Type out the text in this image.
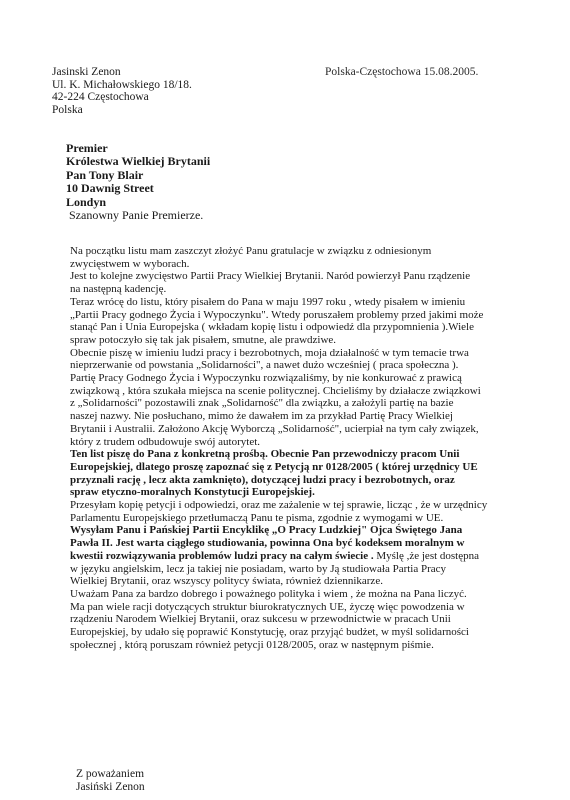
Jasinski Zenon
Ul. K. Michałowskiego 18/18.
42-224 Częstochowa
Polska
Polska-Częstochowa 15.08.2005.
Premier
Królestwa Wielkiej Brytanii
Pan Tony Blair
10 Dawnig Street
Londyn
Szanowny Panie Premierze.
Na początku listu mam zaszczyt złożyć Panu gratulacje w związku z odniesionym
zwycięstwem w wyborach.
Jest to kolejne zwycięstwo Partii Pracy Wielkiej Brytanii. Naród powierzył Panu rządzenie
na następną kadencję.
Teraz wrócę do listu, który pisałem do Pana w maju 1997 roku , wtedy pisałem w imieniu
„Partii Pracy godnego Życia i Wypoczynku". Wtedy poruszałem problemy przed jakimi może
stanąć Pan i Unia Europejska ( wkładam kopię listu i odpowiedź dla przypomnienia ).Wiele
spraw potoczyło się tak jak pisałem, smutne, ale prawdziwe.
Obecnie piszę w imieniu ludzi pracy i bezrobotnych, moja działalność w tym temacie trwa
nieprzerwanie od powstania „Solidarności", a nawet dużo wcześniej ( praca społeczna ).
Partię Pracy Godnego Życia i Wypoczynku rozwiązaliśmy, by nie konkurować z prawicą
związkową , która szukała miejsca na scenie politycznej. Chcieliśmy by działacze związkowi
z „Solidarności" pozostawili znak „Solidarność" dla związku, a założyli partię na bazie
naszej nazwy. Nie posłuchano, mimo że dawałem im za przykład Partię Pracy Wielkiej
Brytanii i Australii. Założono Akcję Wyborczą „Solidarność", ucierpiał na tym cały związek,
który z trudem odbudowuje swój autorytet.
Ten list piszę do Pana z konkretną prośbą. Obecnie Pan przewodniczy pracom Unii
Europejskiej, dlatego proszę zapoznać się z Petycją nr 0128/2005 ( której urzędnicy UE
przyznali rację , lecz akta zamknięto), dotyczącej ludzi pracy i bezrobotnych, oraz
spraw etyczno-moralnych Konstytucji Europejskiej.
Przesyłam kopię petycji i odpowiedzi, oraz me zażalenie w tej sprawie, licząc , że w urzędnicy
Parlamentu Europejskiego przetłumaczą Panu te pisma, zgodnie z wymogami w UE.
Wysyłam Panu i Pańskiej Partii Encyklikę „O Pracy Ludzkiej" Ojca Świętego Jana
Pawła II. Jest warta ciągłego studiowania, powinna Ona być kodeksem moralnym w
kwestii rozwiązywania problemów ludzi pracy na całym świecie . Myślę ,że jest dostępna
w języku angielskim, lecz ja takiej nie posiadam, warto by Ją studiowała Partia Pracy
Wielkiej Brytanii, oraz wszyscy politycy świata, również dziennikarze.
Uważam Pana za bardzo dobrego i poważnego polityka i wiem , że można na Pana liczyć.
Ma pan wiele racji dotyczących struktur biurokratycznych UE, życzę więc powodzenia w
rządzeniu Narodem Wielkiej Brytanii, oraz sukcesu w przewodnictwie w pracach Unii
Europejskiej, by udało się poprawić Konstytucję, oraz przyjąć budżet, w myśl solidarności
społecznej , którą poruszam również petycji 0128/2005, oraz w następnym piśmie.
Z poważaniem
Jasiński Zenon
